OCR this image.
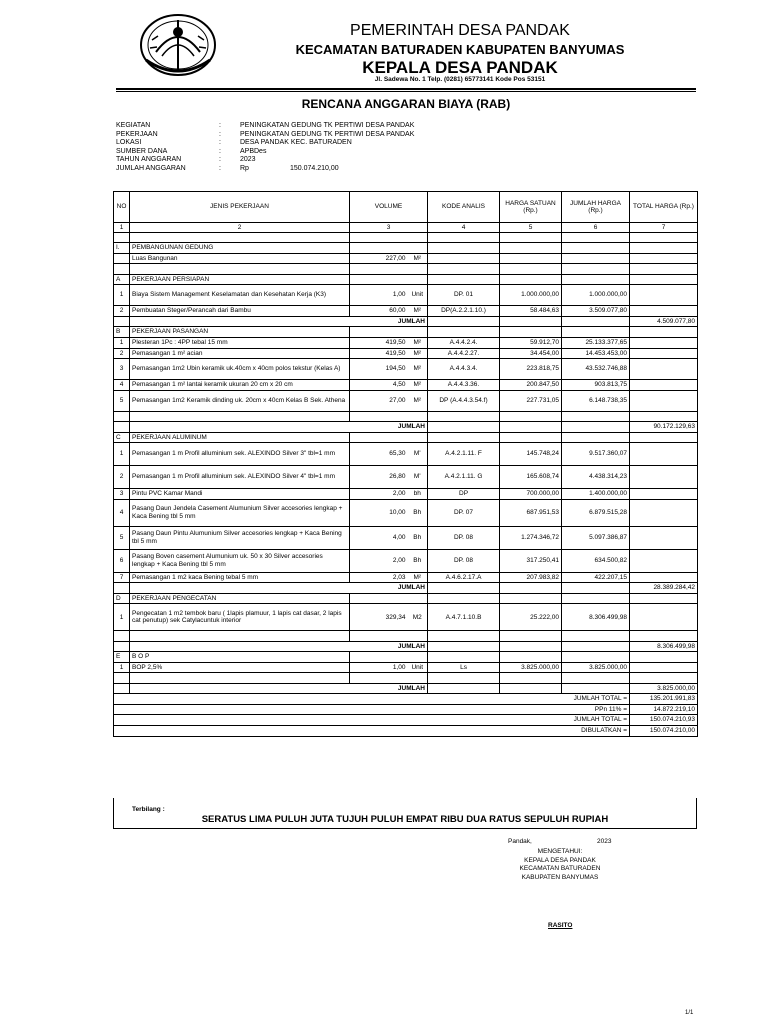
PEMERINTAH DESA PANDAK
KECAMATAN BATURADEN KABUPATEN BANYUMAS
KEPALA DESA PANDAK
Jl. Sadewa No. 1 Telp. (0281) 65773141 Kode Pos 53151
RENCANA ANGGARAN BIAYA (RAB)
KEGIATAN	:	PENINGKATAN GEDUNG TK PERTIWI DESA PANDAK
PEKERJAAN	:	PENINGKATAN GEDUNG TK PERTIWI DESA PANDAK
LOKASI	:	DESA PANDAK KEC. BATURADEN
SUMBER DANA	:	APBDes
TAHUN ANGGARAN	:	2023
JUMLAH ANGGARAN	:	Rp	150.074.210,00
NO	JENIS PEKERJAAN	VOLUME		KODE ANALIS	HARGA SATUAN (Rp.)	JUMLAH HARGA (Rp.)	TOTAL HARGA (Rp.)
1	2	3		4	5	6	7

I.	PEMBANGUNAN GEDUNG						
	Luas Bangunan	227,00	M²				

A	PEKERJAAN PERSIAPAN						
1	Biaya Sistem Management Keselamatan dan Kesehatan Kerja (K3)	1,00	Unit	DP. 01	1.000.000,00	1.000.000,00	
2	Pembuatan Steger/Perancah dari Bambu	60,00	M²	DP(A.2.2.1.10.)	58.484,63	3.509.077,80	
	JUMLAH						4.509.077,80
B	PEKERJAAN PASANGAN						
1	Plesteran 1Pc : 4PP tebal 15 mm	419,50	M²	A.4.4.2.4.	59.912,70	25.133.377,65	
2	Pemasangan 1 m² acian	419,50	M²	A.4.4.2.27.	34.454,00	14.453.453,00	
3	Pemasangan 1m2 Ubin keramik uk.40cm x 40cm polos tekstur (Kelas A)	194,50	M²	A.4.4.3.4.	223.818,75	43.532.746,88	
4	Pemasangan 1 m² lantai keramik ukuran 20 cm x 20 cm	4,50	M²	A.4.4.3.36.	200.847,50	903.813,75	
5	Pemasangan 1m2 Keramik dinding uk. 20cm x 40cm Kelas B Sek. Athena	27,00	M²	DP (A.4.4.3.54.f)	227.731,05	6.148.738,35	

	JUMLAH						90.172.129,63
C	PEKERJAAN ALUMINUM						
1	Pemasangan 1 m Profil alluminium sek. ALEXINDO Silver 3" tbl=1 mm	65,30	M'	A.4.2.1.11. F	145.748,24	9.517.360,07	
2	Pemasangan 1 m Profil alluminium sek. ALEXINDO Silver 4" tbl=1 mm	26,80	M'	A.4.2.1.11. G	165.608,74	4.438.314,23	
3	Pintu PVC Kamar Mandi	2,00	bh	DP	700.000,00	1.400.000,00	
4	Pasang Daun Jendela Casement Alumunium Silver accesories lengkap + Kaca Bening tbl 5 mm	10,00	Bh	DP. 07	687.951,53	6.879.515,28	
5	Pasang Daun Pintu Alumunium Silver accesories lengkap + Kaca Bening tbl 5 mm	4,00	Bh	DP. 08	1.274.346,72	5.097.386,87	
6	Pasang Boven casement Alumunium uk. 50 x 30 Silver accesories lengkap + Kaca Bening tbl 5 mm	2,00	Bh	DP. 08	317.250,41	634.500,82	
7	Pemasangan 1 m2 kaca Bening tebal 5 mm	2,03	M²	A.4.6.2.17.A	207.983,82	422.207,15	
	JUMLAH						28.389.284,42
D	PEKERJAAN PENGECATAN						
1	Pengecatan 1 m2 tembok baru ( 1lapis plamuur, 1 lapis cat dasar, 2 lapis cat penutup) sek Catylacuntuk interior	329,34	M2	A.4.7.1.10.B	25.222,00	8.306.499,98	

	JUMLAH						8.306.499,98
E	B O P						
1	BOP 2,5%	1,00	Unit	Ls	3.825.000,00	3.825.000,00	

	JUMLAH						3.825.000,00
JUMLAH TOTAL =							135.201.991,83
PPn 11% =							14.872.219,10
JUMLAH TOTAL =							150.074.210,93
DIBULATKAN =							150.074.210,00
Terbilang :
SERATUS LIMA PULUH JUTA TUJUH PULUH EMPAT RIBU DUA RATUS SEPULUH RUPIAH
Pandak,	2023
MENGETAHUI:
KEPALA DESA PANDAK
KECAMATAN BATURADEN
KABUPATEN BANYUMAS
RASITO
1/1
